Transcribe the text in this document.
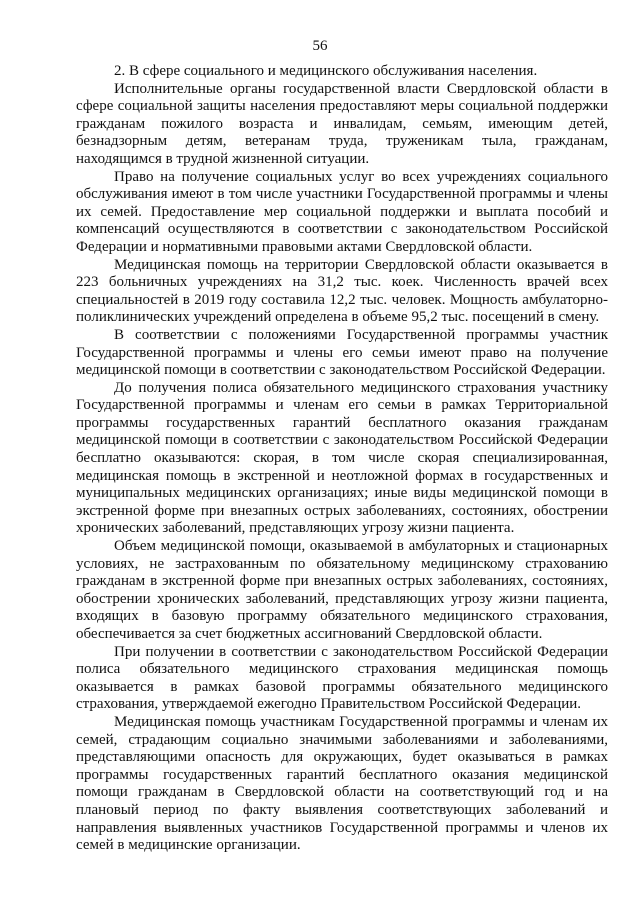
56

2. В сфере социального и медицинского обслуживания населения.

Исполнительные органы государственной власти Свердловской области в сфере социальной защиты населения предоставляют меры социальной поддержки гражданам пожилого возраста и инвалидам, семьям, имеющим детей, безнадзорным детям, ветеранам труда, труженикам тыла, гражданам, находящимся в трудной жизненной ситуации.

Право на получение социальных услуг во всех учреждениях социального обслуживания имеют в том числе участники Государственной программы и члены их семей. Предоставление мер социальной поддержки и выплата пособий и компенсаций осуществляются в соответствии с законодательством Российской Федерации и нормативными правовыми актами Свердловской области.

Медицинская помощь на территории Свердловской области оказывается в 223 больничных учреждениях на 31,2 тыс. коек. Численность врачей всех специальностей в 2019 году составила 12,2 тыс. человек. Мощность амбулаторно-поликлинических учреждений определена в объеме 95,2 тыс. посещений в смену.

В соответствии с положениями Государственной программы участник Государственной программы и члены его семьи имеют право на получение медицинской помощи в соответствии с законодательством Российской Федерации.

До получения полиса обязательного медицинского страхования участнику Государственной программы и членам его семьи в рамках Территориальной программы государственных гарантий бесплатного оказания гражданам медицинской помощи в соответствии с законодательством Российской Федерации бесплатно оказываются: скорая, в том числе скорая специализированная, медицинская помощь в экстренной и неотложной формах в государственных и муниципальных медицинских организациях; иные виды медицинской помощи в экстренной форме при внезапных острых заболеваниях, состояниях, обострении хронических заболеваний, представляющих угрозу жизни пациента.

Объем медицинской помощи, оказываемой в амбулаторных и стационарных условиях, не застрахованным по обязательному медицинскому страхованию гражданам в экстренной форме при внезапных острых заболеваниях, состояниях, обострении хронических заболеваний, представляющих угрозу жизни пациента, входящих в базовую программу обязательного медицинского страхования, обеспечивается за счет бюджетных ассигнований Свердловской области.

При получении в соответствии с законодательством Российской Федерации полиса обязательного медицинского страхования медицинская помощь оказывается в рамках базовой программы обязательного медицинского страхования, утверждаемой ежегодно Правительством Российской Федерации.

Медицинская помощь участникам Государственной программы и членам их семей, страдающим социально значимыми заболеваниями и заболеваниями, представляющими опасность для окружающих, будет оказываться в рамках программы государственных гарантий бесплатного оказания медицинской помощи гражданам в Свердловской области на соответствующий год и на плановый период по факту выявления соответствующих заболеваний и направления выявленных участников Государственной программы и членов их семей в медицинские организации.
